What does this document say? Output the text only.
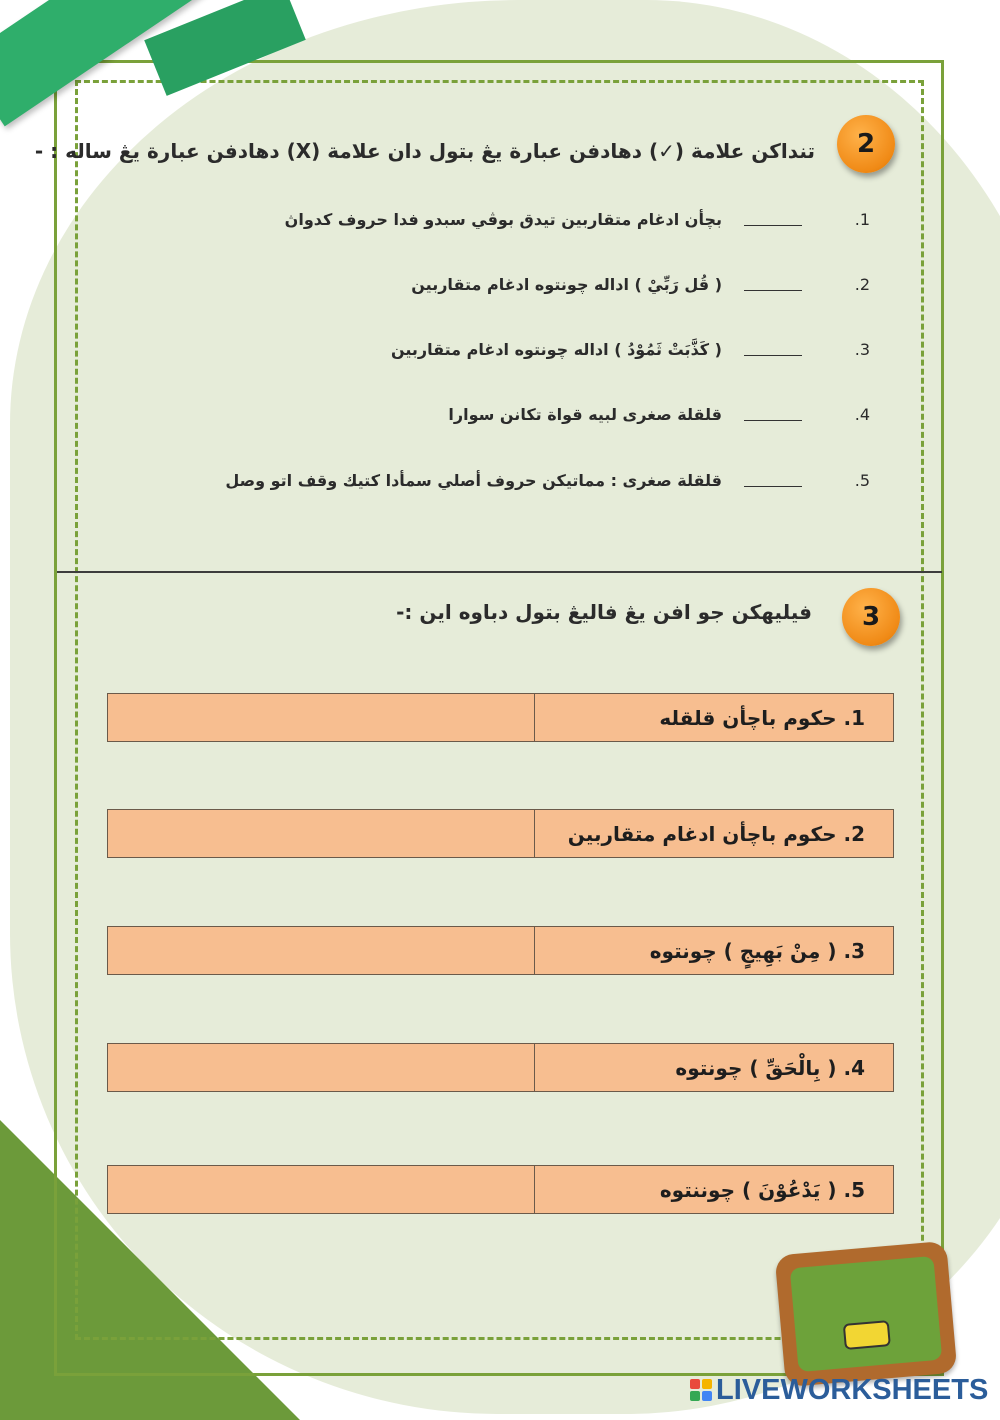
2
تنداكن علامة (✓) دهادفن عبارة يڠ بتول دان علامة (X) دهادفن عبارة يڠ ساله : -
1.
بچأن ادغام متقاربين تيدق بوڤي سبدو فدا حروف كدواڽ
2.
( قُل رَبِّيْ ) اداله چونتوه ادغام متقاربين
3.
( كَذَّبَتْ ثَمُوْدُ ) اداله چونتوه ادغام متقاربين
4.
قلقلة صغرى لبيه قواة تكانن سوارا
5.
قلقلة صغرى : مماتيكن حروف أصلي سمأدا كتيك وقف اتو وصل
3
فيليهكن جو افن يڠ فاليڠ بتول دباوه اين :-
1. حكوم باچأن قلقله
2. حكوم باچأن ادغام متقاربين
3. ( مِنْ بَهِيجٍ ) چونتوه
4. ( بِالْحَقِّ ) چونتوه
5. ( يَدْعُوْنَ ) چوننتوه
LIVEWORKSHEETS
